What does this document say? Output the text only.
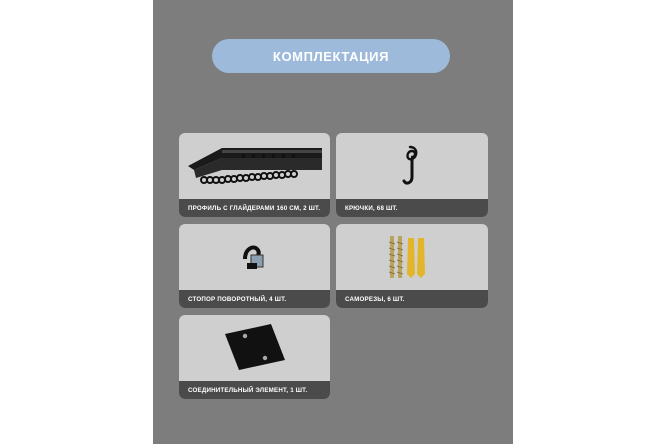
КОМПЛЕКТАЦИЯ
ПРОФИЛЬ С ГЛАЙДЕРАМИ 160 СМ, 2 ШТ.	КРЮЧКИ, 68 ШТ.
СТОПОР ПОВОРОТНЫЙ, 4 ШТ.	САМОРЕЗЫ, 6 ШТ.
СОЕДИНИТЕЛЬНЫЙ ЭЛЕМЕНТ, 1 ШТ.
